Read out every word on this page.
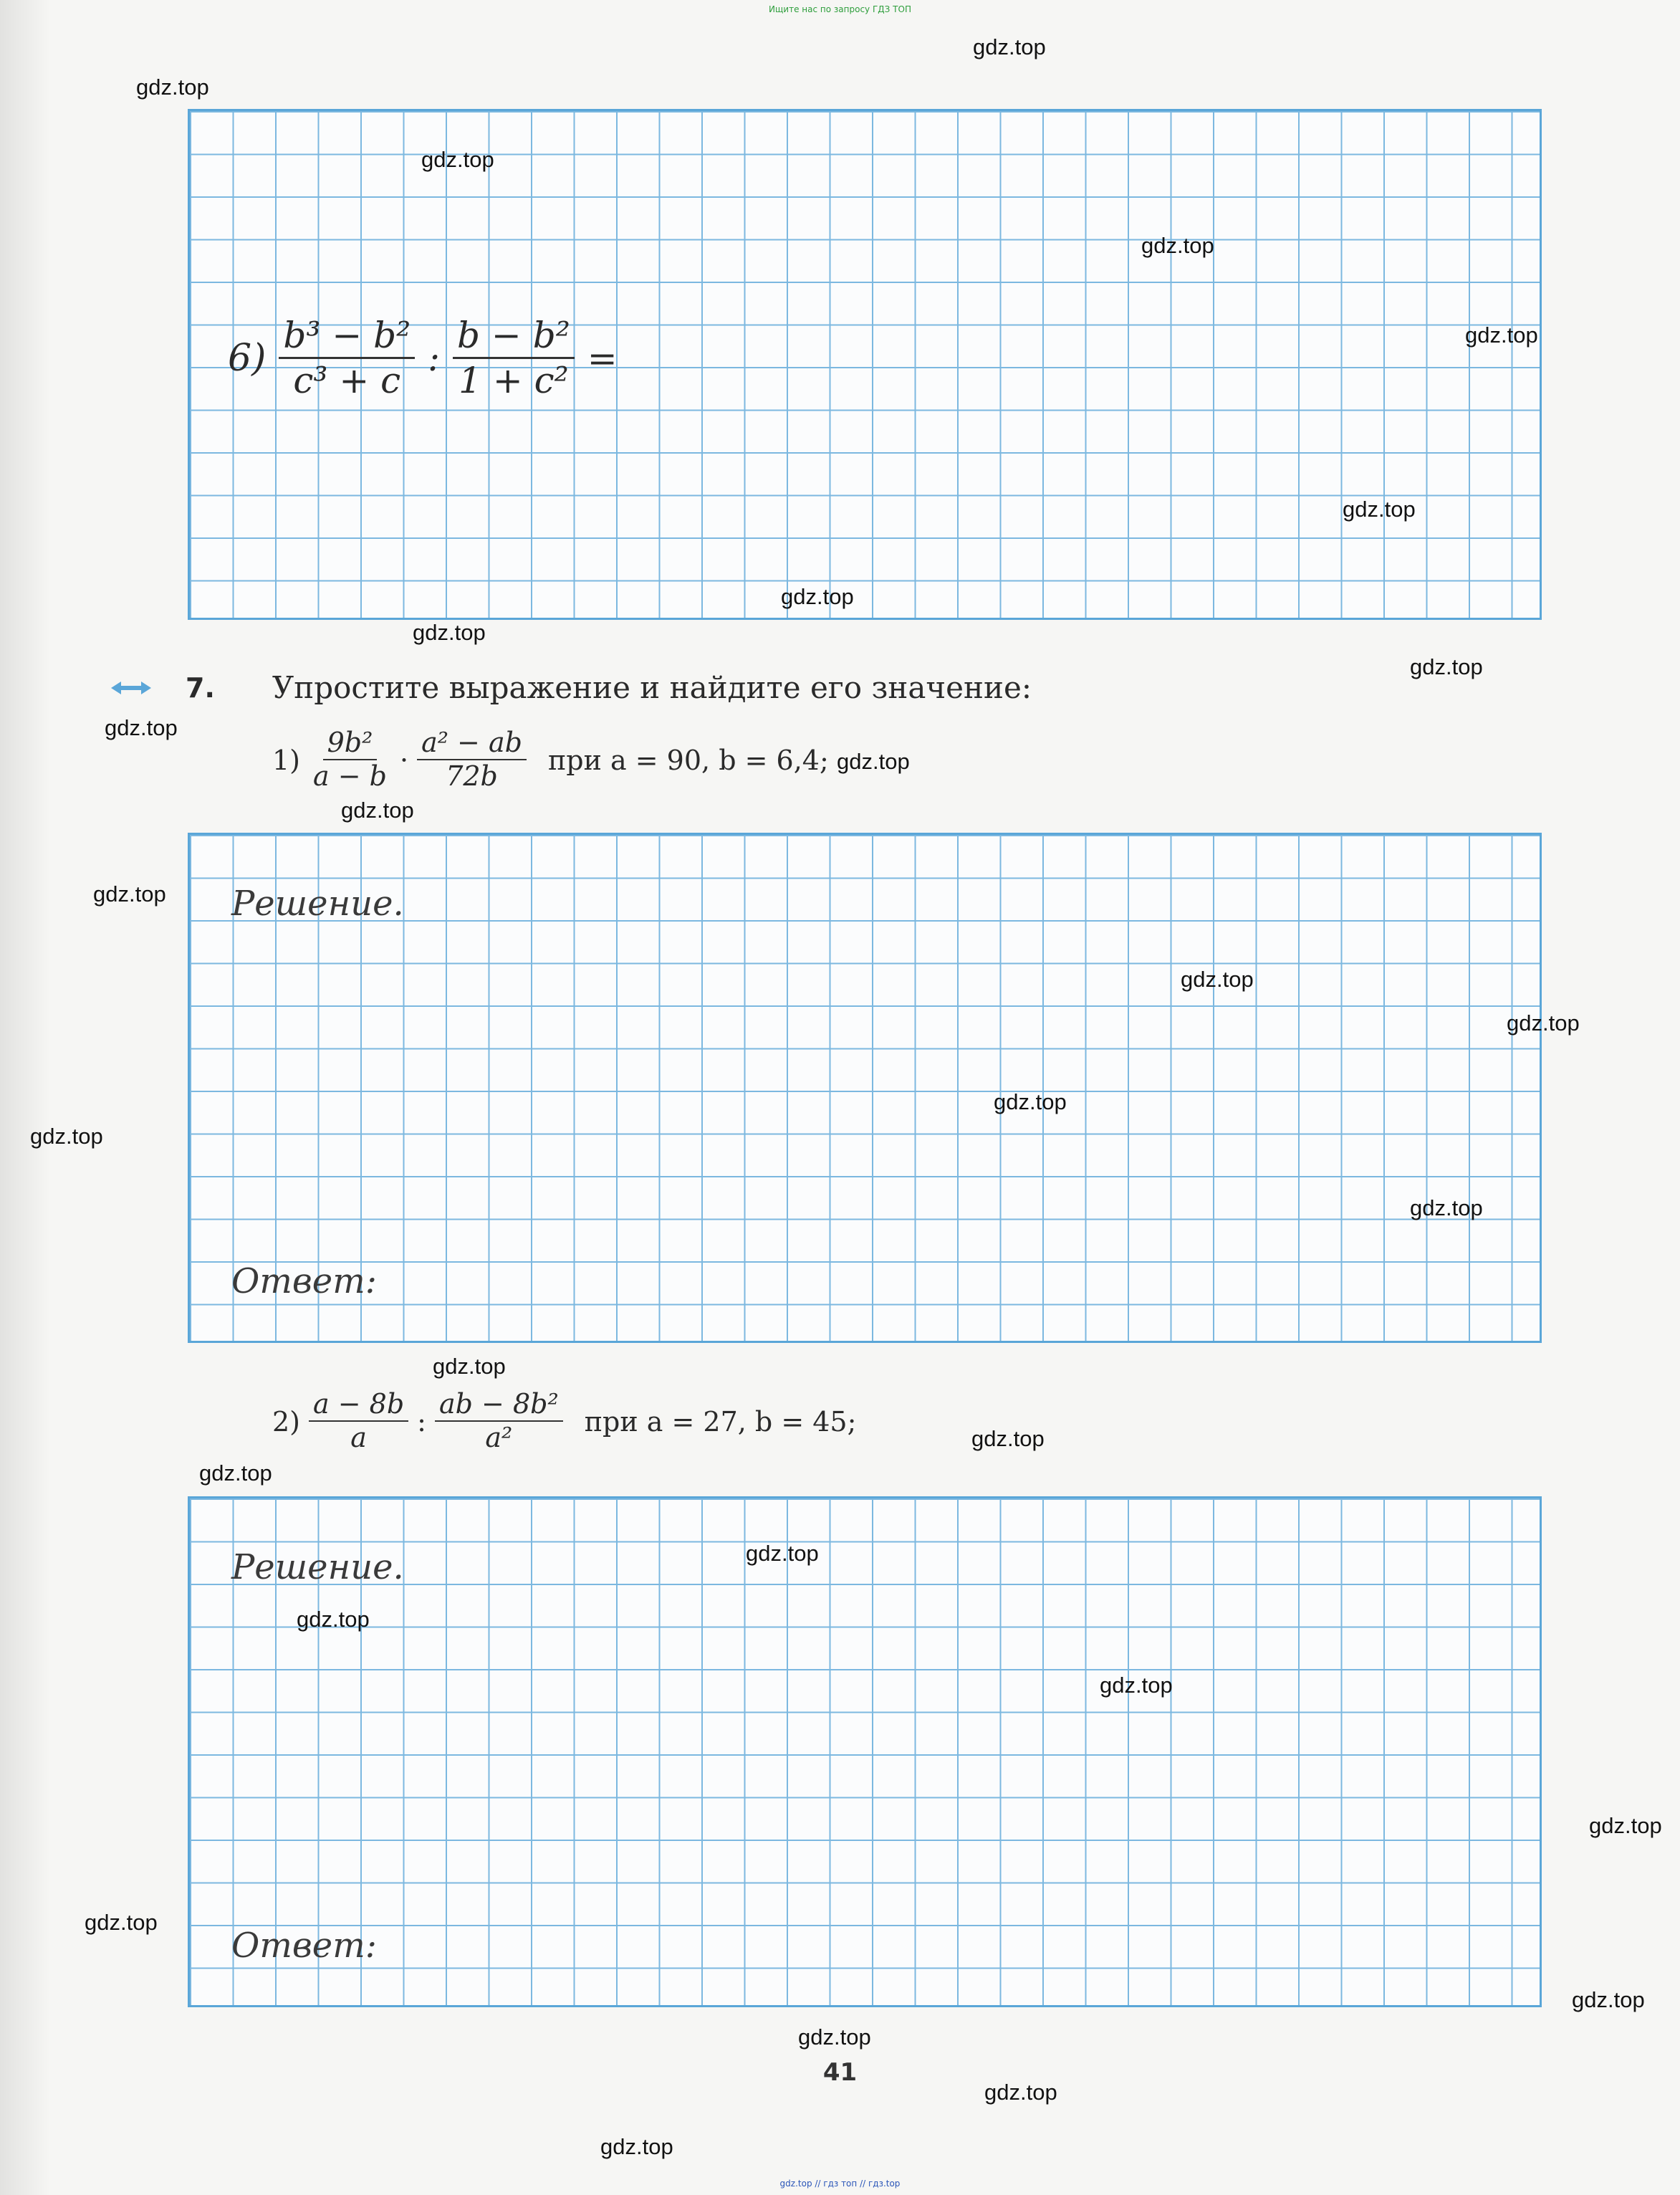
Ищите нас по запросу ГДЗ ТОП
$6) \frac{\text{b³ − b²}}{\text{c³ + c}}$ : $\frac{\text{b − b²}}{\text{1 + c²}}$ =
7. Упростите выражение и найдите его значение:
$1) \frac{\text{9b²}}{a - b} \cdot \frac{\text{a² − ab}}{72b}$ при a = 90, b = 6,4;
Решение.
Ответ:
$2) \frac{a - 8b}{a}$ : $\frac{\text{ab − 8b²}}{\text{a²}}$ при a = 27, b = 45;
Решение.
Ответ:
41
gdz.top
gdz.top
gdz.top
gdz.top
gdz.top
gdz.top
gdz.top
gdz.top
gdz.top
gdz.top
gdz.top
gdz.top
gdz.top
gdz.top
gdz.top
gdz.top
gdz.top
gdz.top
gdz.top
gdz.top
gdz.top
gdz.top
gdz.top
gdz.top
gdz.top
gdz.top
gdz.top
gdz.top
gdz.top
gdz.top
gdz.top // гдз топ // гдз.top
